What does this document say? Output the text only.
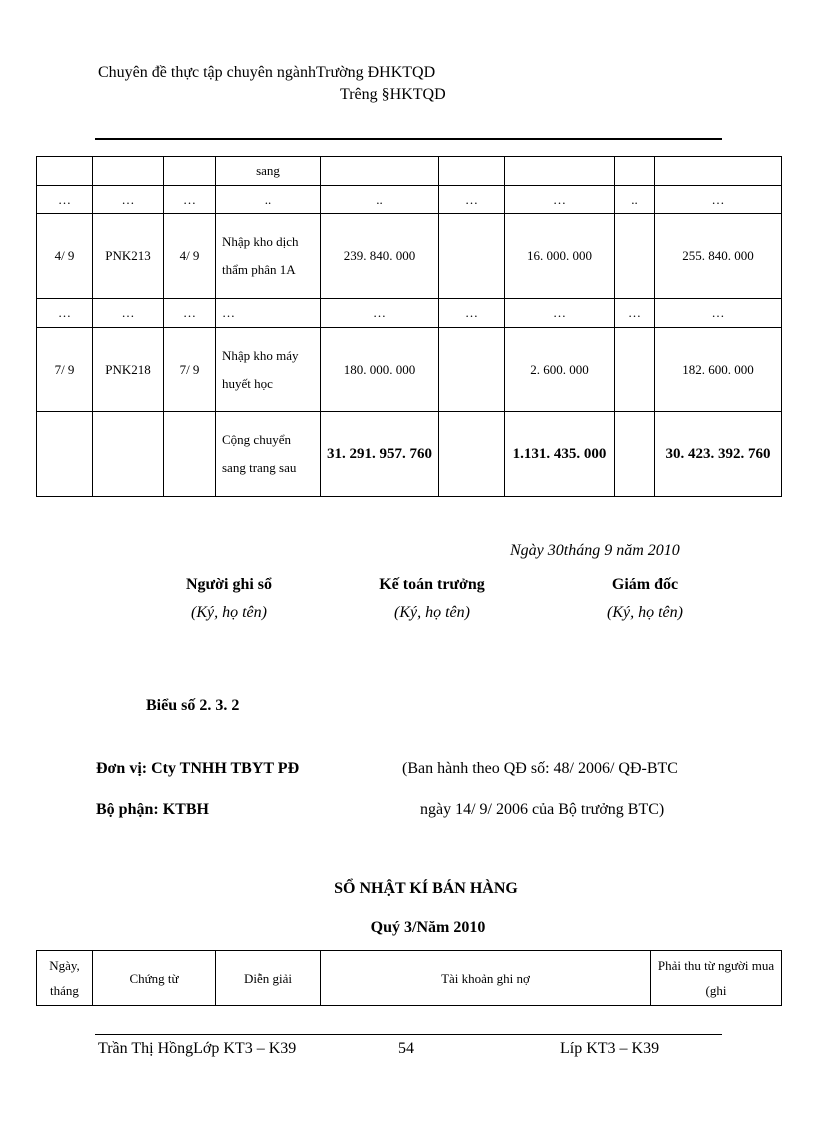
Chuyên đề thực tập chuyên ngànhTrường ĐHKTQD
Trêng §HKTQD
			sang					
…	…	…	..	..	…	…	..	…
4/ 9	PNK213	4/ 9	Nhập kho dịch thẩm phân 1A	239. 840. 000		16. 000. 000		255. 840. 000
…	…	…	…	…	…	…	…	…
7/ 9	PNK218	7/ 9	Nhập kho máy huyết học	180. 000. 000		2. 600. 000		182. 600. 000
			Cộng chuyển sang trang sau	31. 291. 957. 760		1.131. 435. 000		30. 423. 392. 760
Ngày 30tháng 9 năm 2010
Người ghi sổ
(Ký, họ tên)
Kế toán trưởng
(Ký, họ tên)
Giám đốc
(Ký, họ tên)
Biểu số 2. 3. 2
Đơn vị: Cty TNHH TBYT PĐ	(Ban hành theo QĐ số: 48/ 2006/ QĐ-BTC
Bộ phận: KTBH	ngày 14/ 9/ 2006 của Bộ trưởng BTC)
SỔ NHẬT KÍ BÁN HÀNG
Quý 3/Năm 2010
Ngày, tháng	Chứng từ	Diễn giải	Tài khoản ghi nợ	Phải thu từ người mua (ghi
Trần Thị HồngLớp KT3 – K39	54	Líp KT3 – K39
